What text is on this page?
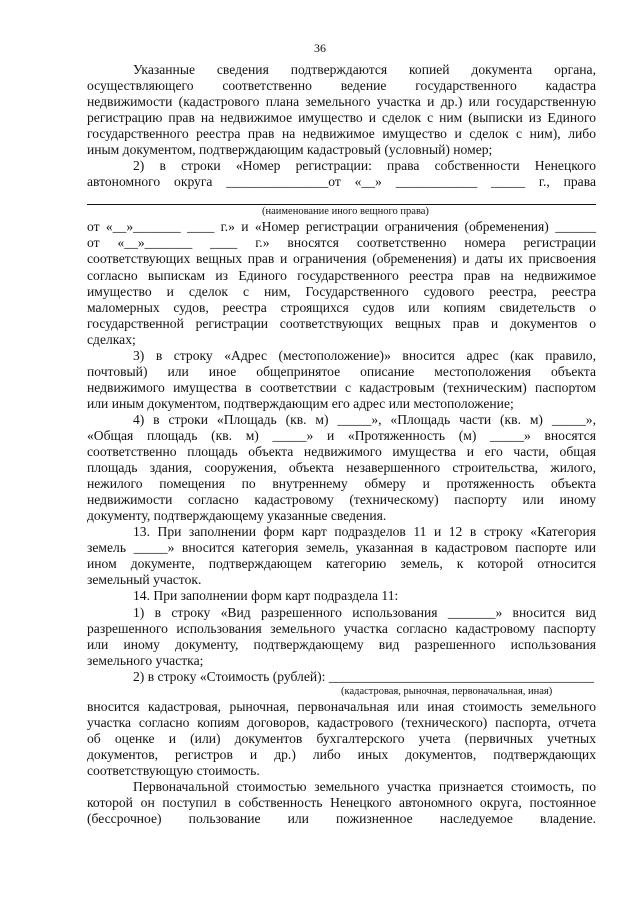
36

Указанные сведения подтверждаются копией документа органа,

осуществляющего соответственно ведение государственного кадастра

недвижимости (кадастрового плана земельного участка и др.) или государственную

регистрацию прав на недвижимое имущество и сделок с ним (выписки из Единого

государственного реестра прав на недвижимое имущество и сделок с ним), либо

иным документом, подтверждающим кадастровый (условный) номер;

2) в строки «Номер регистрации: права собственности Ненецкого

автономного округа _______________от «__» ____________ _____ г., права

(наименование иного вещного права)

от «__»_______ ____ г.» и «Номер регистрации ограничения (обременения) ______

от «__»_______ ____ г.» вносятся соответственно номера регистрации

соответствующих вещных прав и ограничения (обременения) и даты их присвоения

согласно выпискам из Единого государственного реестра прав на недвижимое

имущество и сделок с ним, Государственного судового реестра, реестра

маломерных судов, реестра строящихся судов или копиям свидетельств о

государственной регистрации соответствующих вещных прав и документов о

сделках;

3) в строку «Адрес (местоположение)» вносится адрес (как правило,

почтовый) или иное общепринятое описание местоположения объекта

недвижимого имущества в соответствии с кадастровым (техническим) паспортом

или иным документом, подтверждающим его адрес или местоположение;

4) в строки «Площадь (кв. м) _____», «Площадь части (кв. м) _____»,

«Общая площадь (кв. м) _____» и «Протяженность (м) _____» вносятся

соответственно площадь объекта недвижимого имущества и его части, общая

площадь здания, сооружения, объекта незавершенного строительства, жилого,

нежилого помещения по внутреннему обмеру и протяженность объекта

недвижимости согласно кадастровому (техническому) паспорту или иному

документу, подтверждающему указанные сведения.

13. При заполнении форм карт подразделов 11 и 12 в строку «Категория

земель _____» вносится категория земель, указанная в кадастровом паспорте или

ином документе, подтверждающем категорию земель, к которой относится

земельный участок.

14. При заполнении форм карт подраздела 11:

1) в строку «Вид разрешенного использования _______» вносится вид

разрешенного использования земельного участка согласно кадастровому паспорту

или иному документу, подтверждающему вид разрешенного использования

земельного участка;

2) в строку «Стоимость (рублей): _______________________________________

(кадастровая, рыночная, первоначальная, иная)

вносится кадастровая, рыночная, первоначальная или иная стоимость земельного

участка согласно копиям договоров, кадастрового (технического) паспорта, отчета

об оценке и (или) документов бухгалтерского учета (первичных учетных

документов, регистров и др.) либо иных документов, подтверждающих

соответствующую стоимость.

Первоначальной стоимостью земельного участка признается стоимость, по

которой он поступил в собственность Ненецкого автономного округа, постоянное

(бессрочное) пользование или пожизненное наследуемое владение.
